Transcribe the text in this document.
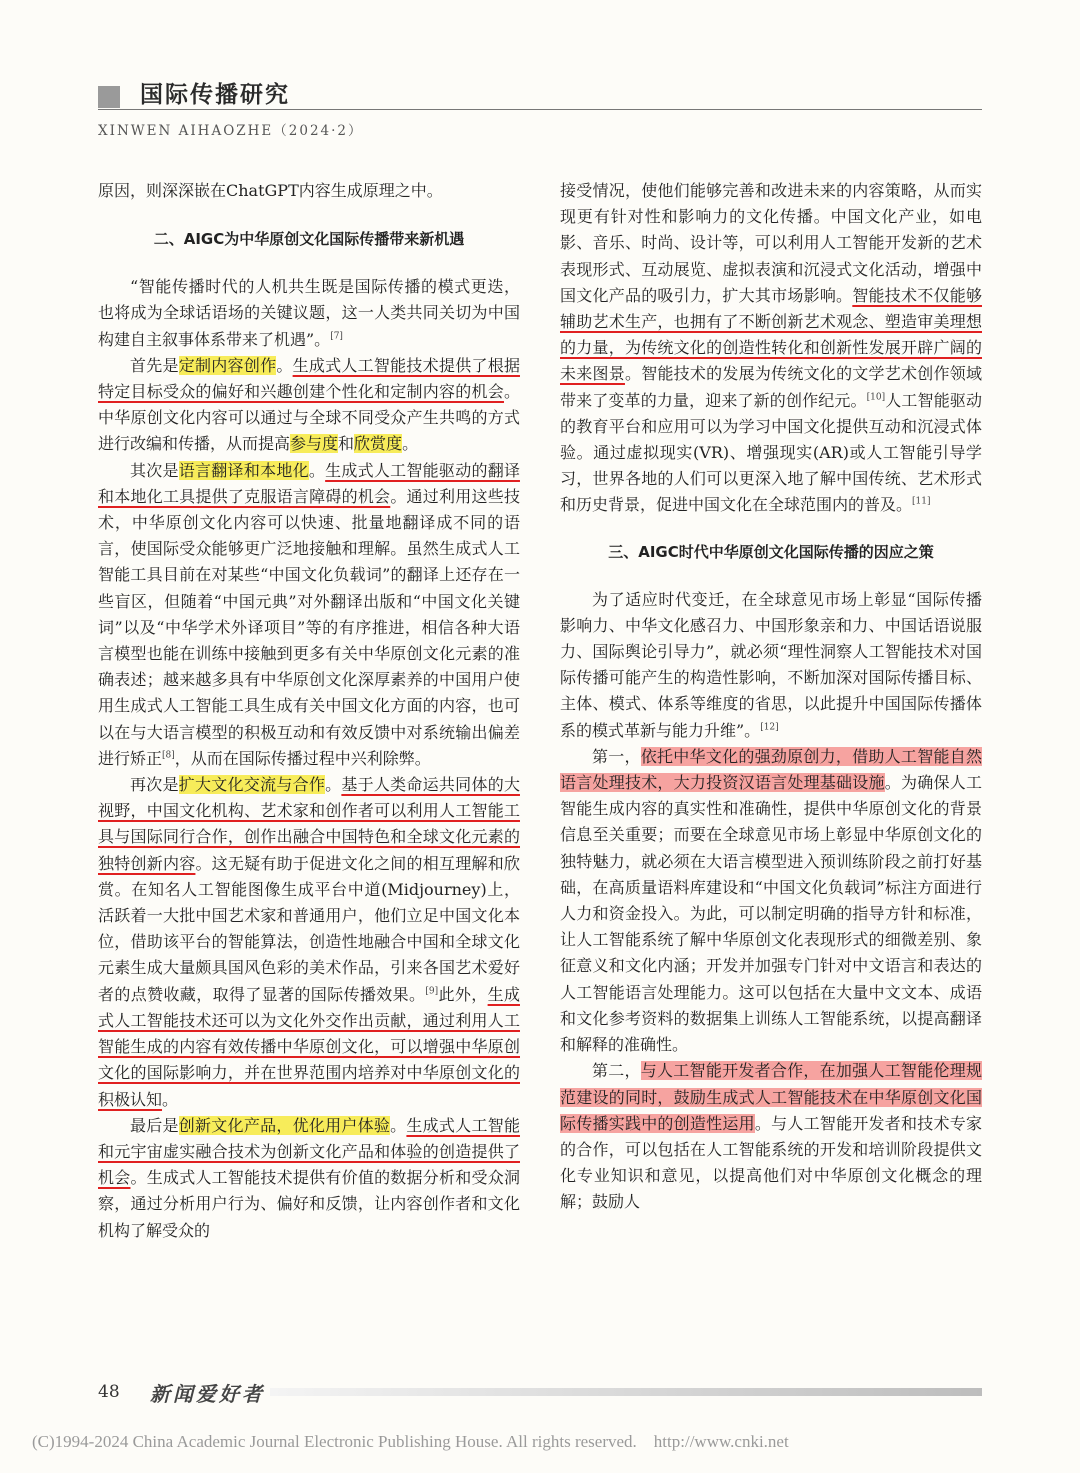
国际传播研究
XINWEN AIHAOZHE（2024·2）

原因，则深深嵌在ChatGPT内容生成原理之中。

二、AIGC为中华原创文化国际传播带来新机遇

“智能传播时代的人机共生既是国际传播的模式更迭，也将成为全球话语场的关键议题，这一人类共同关切为中国构建自主叙事体系带来了机遇”。[7]

首先是定制内容创作。生成式人工智能技术提供了根据特定目标受众的偏好和兴趣创建个性化和定制内容的机会。中华原创文化内容可以通过与全球不同受众产生共鸣的方式进行改编和传播，从而提高参与度和欣赏度。

其次是语言翻译和本地化。生成式人工智能驱动的翻译和本地化工具提供了克服语言障碍的机会。通过利用这些技术，中华原创文化内容可以快速、批量地翻译成不同的语言，使国际受众能够更广泛地接触和理解。虽然生成式人工智能工具目前在对某些“中国文化负载词”的翻译上还存在一些盲区，但随着“中国元典”对外翻译出版和“中国文化关键词”以及“中华学术外译项目”等的有序推进，相信各种大语言模型也能在训练中接触到更多有关中华原创文化元素的准确表述；越来越多具有中华原创文化深厚素养的中国用户使用生成式人工智能工具生成有关中国文化方面的内容，也可以在与大语言模型的积极互动和有效反馈中对系统输出偏差进行矫正[8]，从而在国际传播过程中兴利除弊。

再次是扩大文化交流与合作。基于人类命运共同体的大视野，中国文化机构、艺术家和创作者可以利用人工智能工具与国际同行合作，创作出融合中国特色和全球文化元素的独特创新内容。这无疑有助于促进文化之间的相互理解和欣赏。在知名人工智能图像生成平台中道(Midjourney)上，活跃着一大批中国艺术家和普通用户，他们立足中国文化本位，借助该平台的智能算法，创造性地融合中国和全球文化元素生成大量颇具国风色彩的美术作品，引来各国艺术爱好者的点赞收藏，取得了显著的国际传播效果。[9]此外，生成式人工智能技术还可以为文化外交作出贡献，通过利用人工智能生成的内容有效传播中华原创文化，可以增强中华原创文化的国际影响力，并在世界范围内培养对中华原创文化的积极认知。

最后是创新文化产品，优化用户体验。生成式人工智能和元宇宙虚实融合技术为创新文化产品和体验的创造提供了机会。生成式人工智能技术提供有价值的数据分析和受众洞察，通过分析用户行为、偏好和反馈，让内容创作者和文化机构了解受众的

接受情况，使他们能够完善和改进未来的内容策略，从而实现更有针对性和影响力的文化传播。中国文化产业，如电影、音乐、时尚、设计等，可以利用人工智能开发新的艺术表现形式、互动展览、虚拟表演和沉浸式文化活动，增强中国文化产品的吸引力，扩大其市场影响。智能技术不仅能够辅助艺术生产，也拥有了不断创新艺术观念、塑造审美理想的力量，为传统文化的创造性转化和创新性发展开辟广阔的未来图景。智能技术的发展为传统文化的文学艺术创作领域带来了变革的力量，迎来了新的创作纪元。[10]人工智能驱动的教育平台和应用可以为学习中国文化提供互动和沉浸式体验。通过虚拟现实(VR)、增强现实(AR)或人工智能引导学习，世界各地的人们可以更深入地了解中国传统、艺术形式和历史背景，促进中国文化在全球范围内的普及。[11]

三、AIGC时代中华原创文化国际传播的因应之策

为了适应时代变迁，在全球意见市场上彰显“国际传播影响力、中华文化感召力、中国形象亲和力、中国话语说服力、国际舆论引导力”，就必须“理性洞察人工智能技术对国际传播可能产生的构造性影响，不断加深对国际传播目标、主体、模式、体系等维度的省思，以此提升中国国际传播体系的模式革新与能力升维”。[12]

第一，依托中华文化的强劲原创力，借助人工智能自然语言处理技术，大力投资汉语言处理基础设施。为确保人工智能生成内容的真实性和准确性，提供中华原创文化的背景信息至关重要；而要在全球意见市场上彰显中华原创文化的独特魅力，就必须在大语言模型进入预训练阶段之前打好基础，在高质量语料库建设和“中国文化负载词”标注方面进行人力和资金投入。为此，可以制定明确的指导方针和标准，让人工智能系统了解中华原创文化表现形式的细微差别、象征意义和文化内涵；开发并加强专门针对中文语言和表达的人工智能语言处理能力。这可以包括在大量中文文本、成语和文化参考资料的数据集上训练人工智能系统，以提高翻译和解释的准确性。

第二，与人工智能开发者合作，在加强人工智能伦理规范建设的同时，鼓励生成式人工智能技术在中华原创文化国际传播实践中的创造性运用。与人工智能开发者和技术专家的合作，可以包括在人工智能系统的开发和培训阶段提供文化专业知识和意见，以提高他们对中华原创文化概念的理解；鼓励人

48 新闻爱好者
(C)1994-2024 China Academic Journal Electronic Publishing House. All rights reserved.    http://www.cnki.net
